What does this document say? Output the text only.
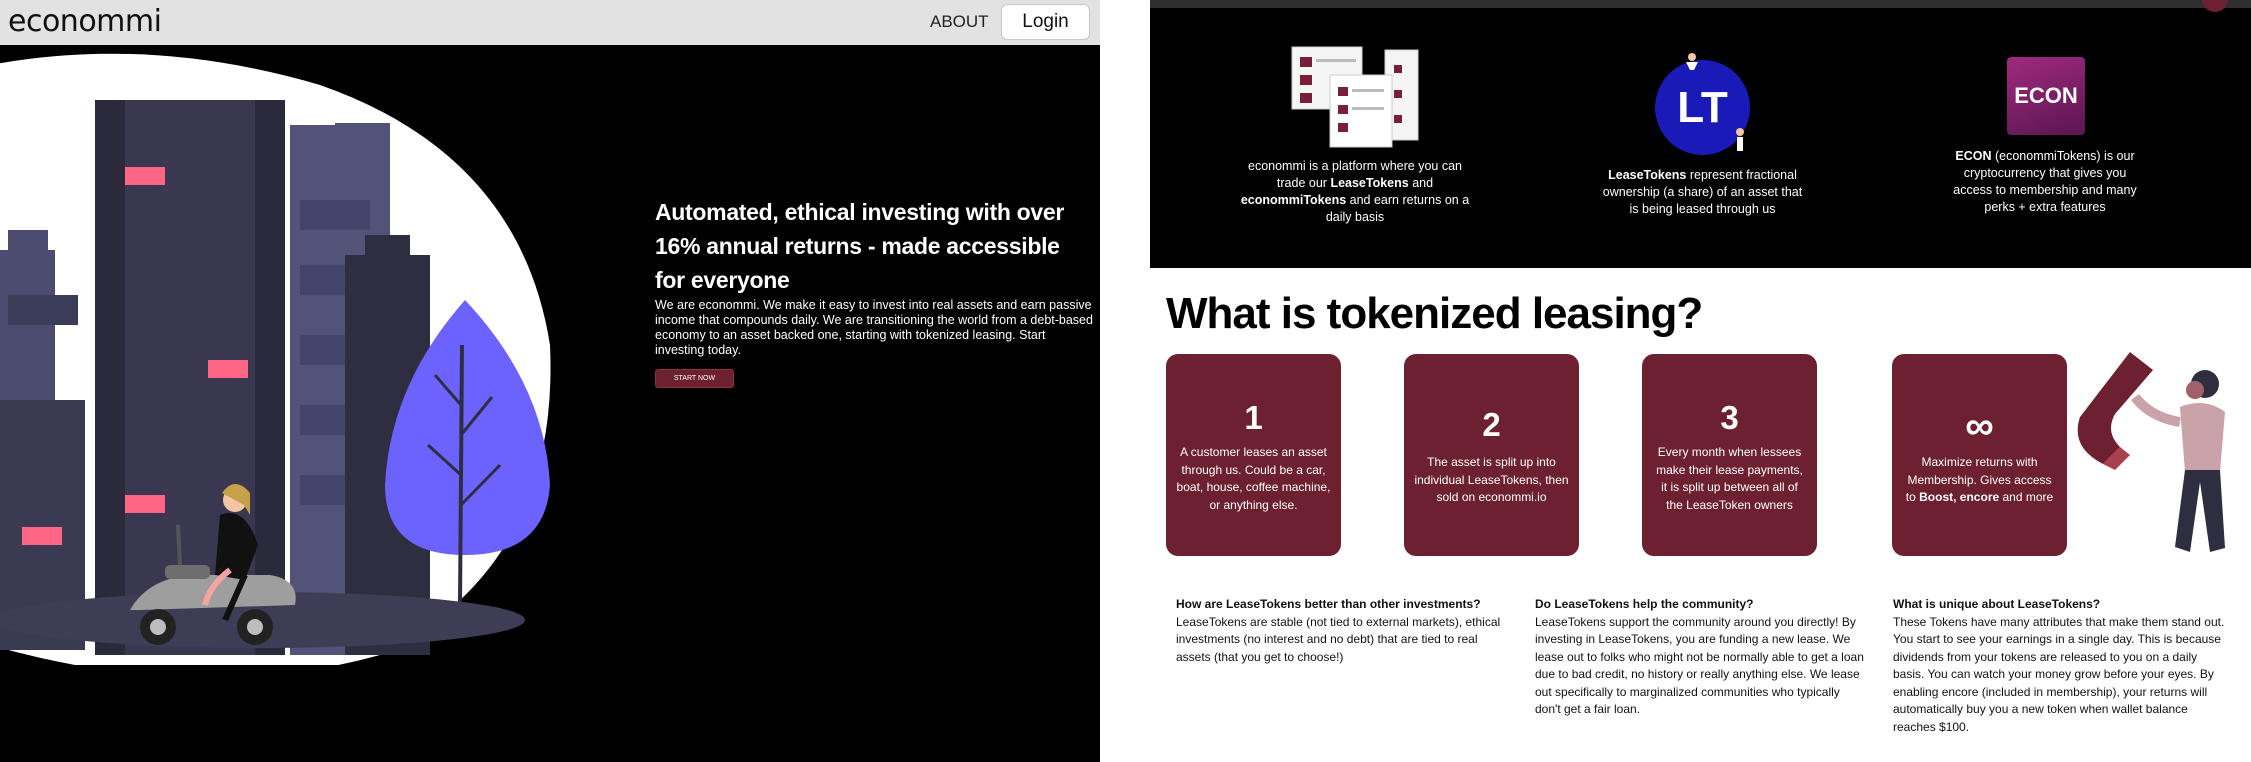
econommi	ABOUT	Login
Automated, ethical investing with over 16% annual returns - made accessible for everyone

We are econommi. We make it easy to invest into real assets and earn passive income that compounds daily. We are transitioning the world from a debt-based economy to an asset backed one, starting with tokenized leasing. Start investing today.

START NOW
LT	ECON

econommi is a platform where you can trade our LeaseTokens and econommiTokens and earn returns on a daily basis

LeaseTokens represent fractional ownership (a share) of an asset that is being leased through us

ECON (econommiTokens) is our cryptocurrency that gives you access to membership and many perks + extra features

What is tokenized leasing?
1

A customer leases an asset through us. Could be a car, boat, house, coffee machine, or anything else.

2

The asset is split up into individual LeaseTokens, then sold on econommi.io

3

Every month when lessees make their lease payments, it is split up between all of the LeaseToken owners

∞

Maximize returns with Membership. Gives access to Boost, encore and more

How are LeaseTokens better than other investments?
LeaseTokens are stable (not tied to external markets), ethical investments (no interest and no debt) that are tied to real assets (that you get to choose!)
Do LeaseTokens help the community?
LeaseTokens support the community around you directly! By investing in LeaseTokens, you are funding a new lease. We lease out to folks who might not be normally able to get a loan due to bad credit, no history or really anything else. We lease out specifically to marginalized communities who typically don't get a fair loan.
What is unique about LeaseTokens?
These Tokens have many attributes that make them stand out. You start to see your earnings in a single day. This is because dividends from your tokens are released to you on a daily basis. You can watch your money grow before your eyes. By enabling encore (included in membership), your returns will automatically buy you a new token when wallet balance reaches $100.
